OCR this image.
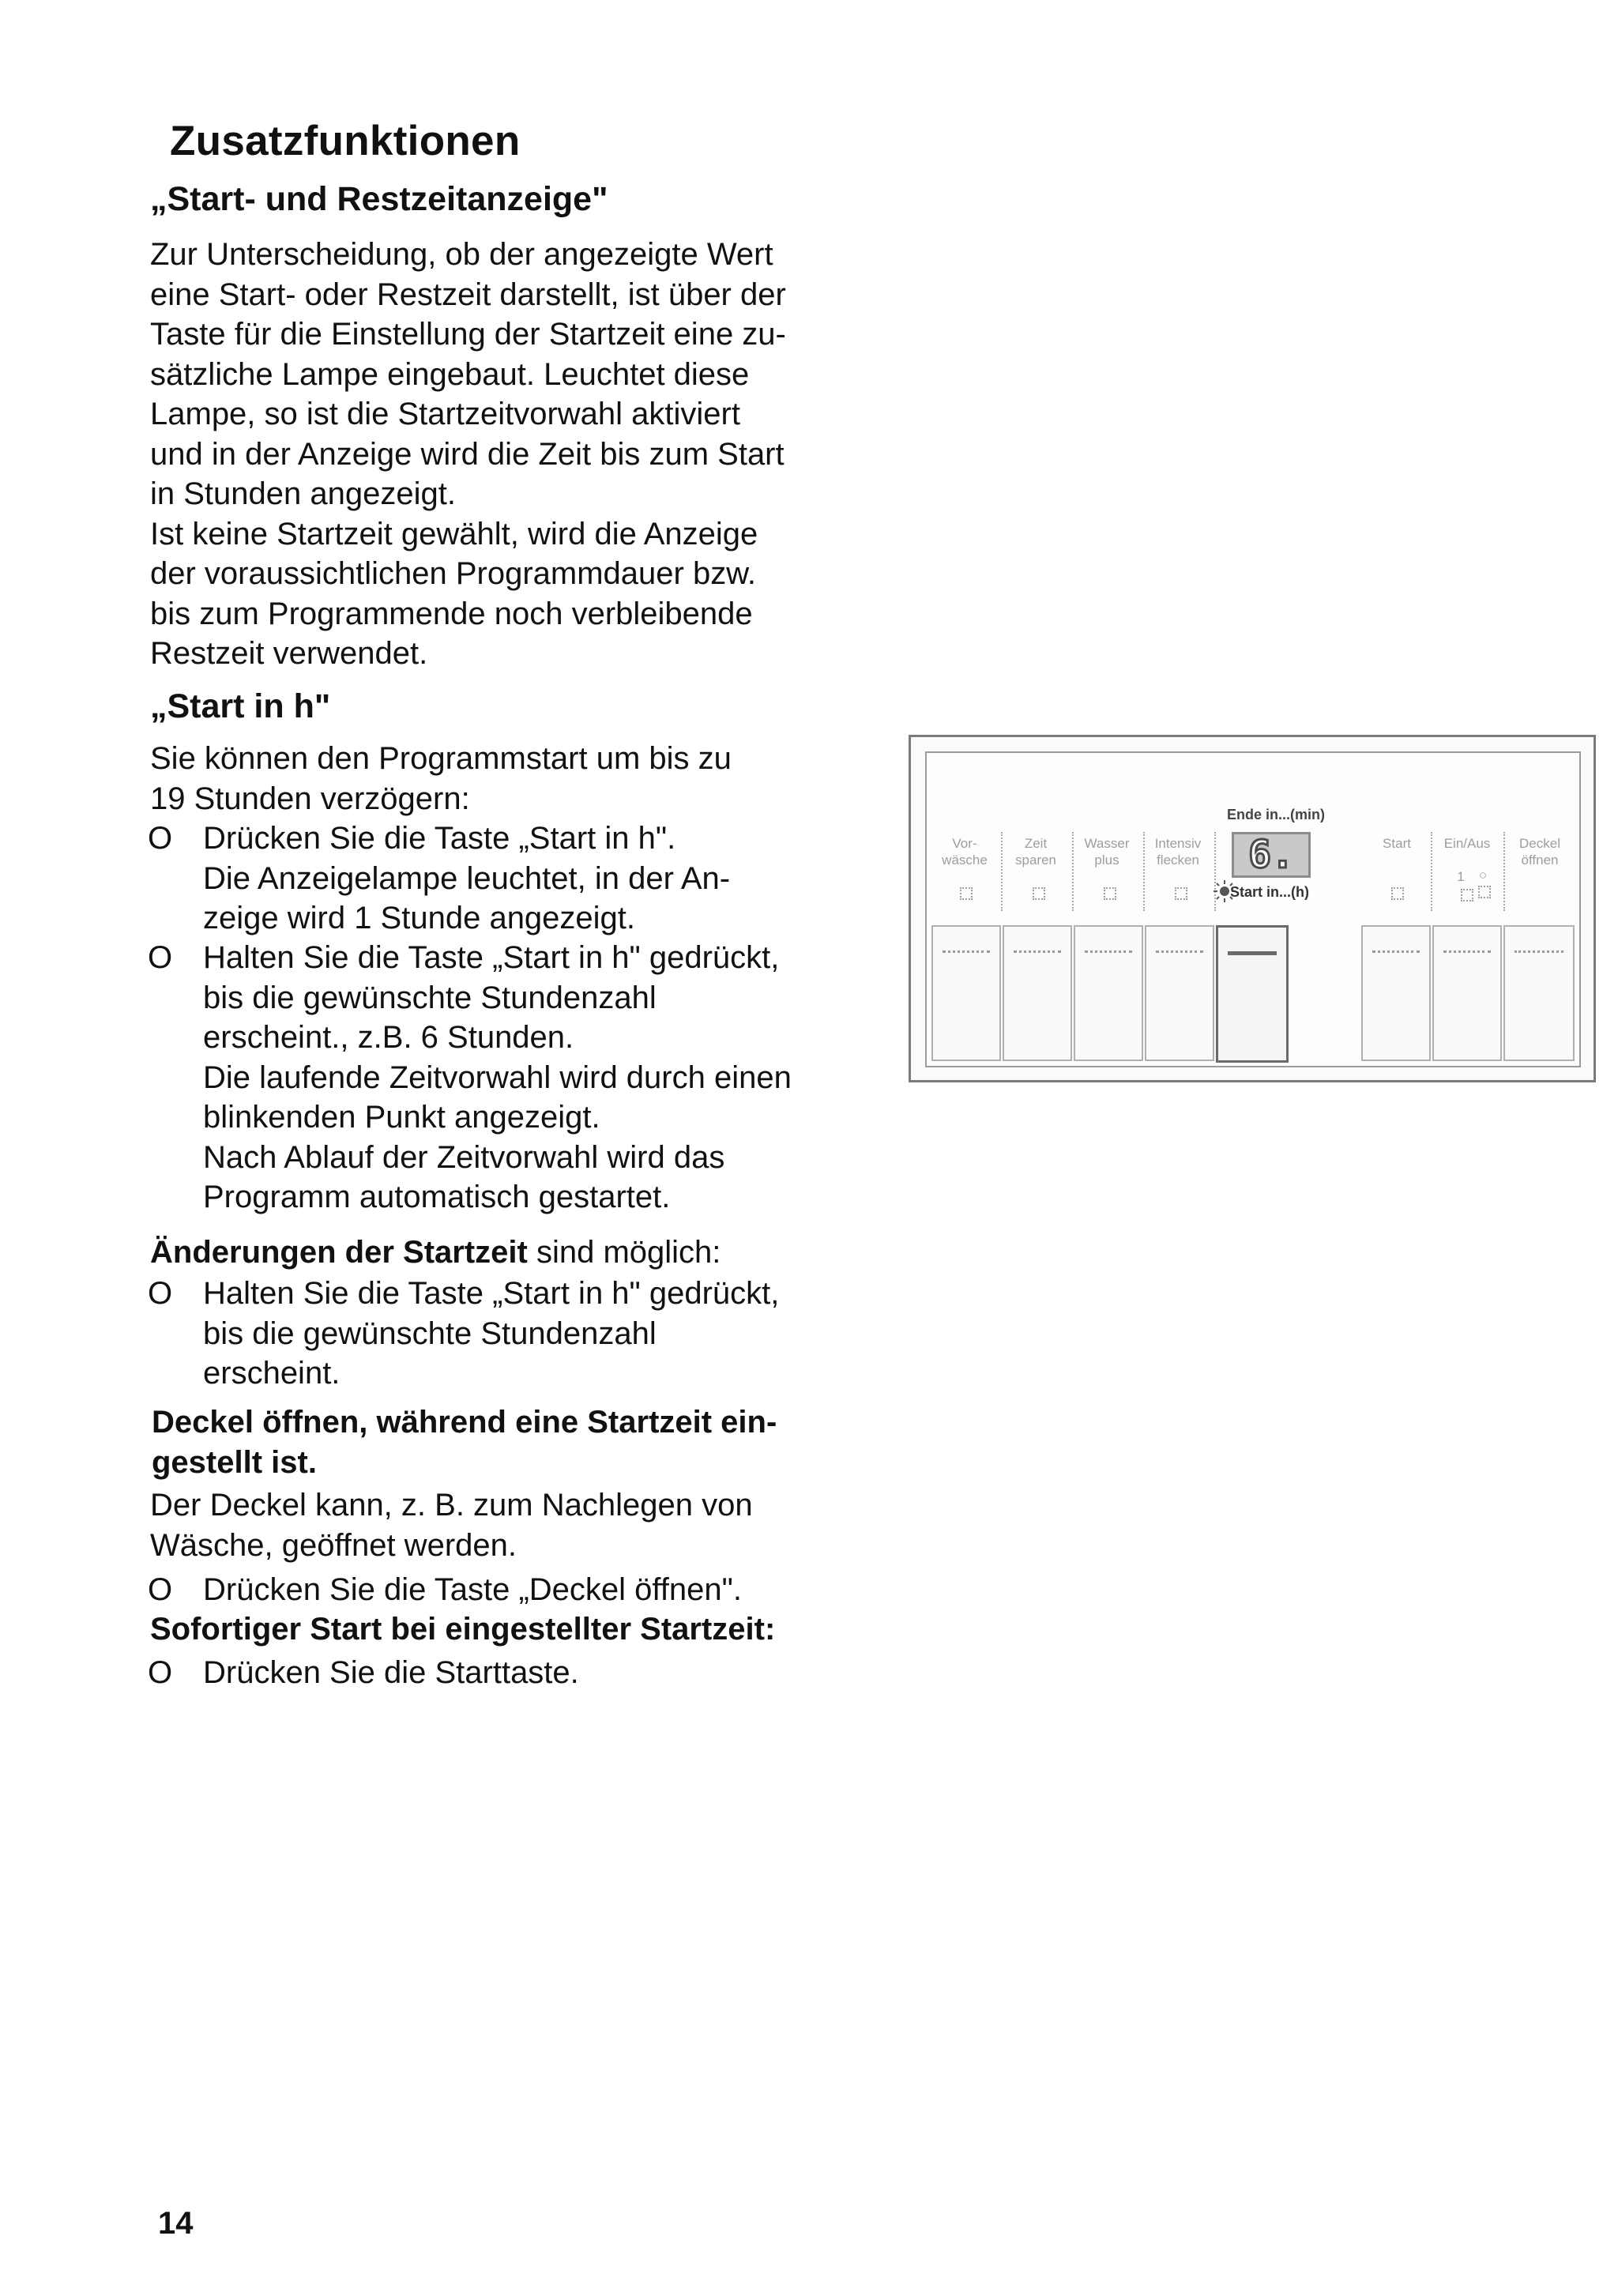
Zusatzfunktionen
„Start- und Restzeitanzeige"
Zur Unterscheidung, ob der angezeigte Wert
eine Start- oder Restzeit darstellt, ist über der
Taste für die Einstellung der Startzeit eine zu-
sätzliche Lampe eingebaut. Leuchtet diese
Lampe, so ist die Startzeitvorwahl aktiviert
und in der Anzeige wird die Zeit bis zum Start
in Stunden angezeigt.
Ist keine Startzeit gewählt, wird die Anzeige
der voraussichtlichen Programmdauer bzw.
bis zum Programmende noch verbleibende
Restzeit verwendet.
„Start in h"
Sie können den Programmstart um bis zu
19 Stunden verzögern:
O Drücken Sie die Taste „Start in h".
Die Anzeigelampe leuchtet, in der An-
zeige wird 1 Stunde angezeigt.
O Halten Sie die Taste „Start in h" gedrückt,
bis die gewünschte Stundenzahl
erscheint., z.B. 6 Stunden.
Die laufende Zeitvorwahl wird durch einen
blinkenden Punkt angezeigt.
Nach Ablauf der Zeitvorwahl wird das
Programm automatisch gestartet.
Änderungen der Startzeit sind möglich:
O Halten Sie die Taste „Start in h" gedrückt,
bis die gewünschte Stundenzahl
erscheint.
Deckel öffnen, während eine Startzeit ein-
gestellt ist.
Der Deckel kann, z. B. zum Nachlegen von
Wäsche, geöffnet werden.
O Drücken Sie die Taste „Deckel öffnen".
Sofortiger Start bei eingestellter Startzeit:
O Drücken Sie die Starttaste.
Vor-
wäsche
Zeit
sparen
Wasser
plus
Intensiv
flecken
Start	Ein/Aus	Deckel
öffnen
1	○
Ende in...(min)
6.
Start in...(h)
14
